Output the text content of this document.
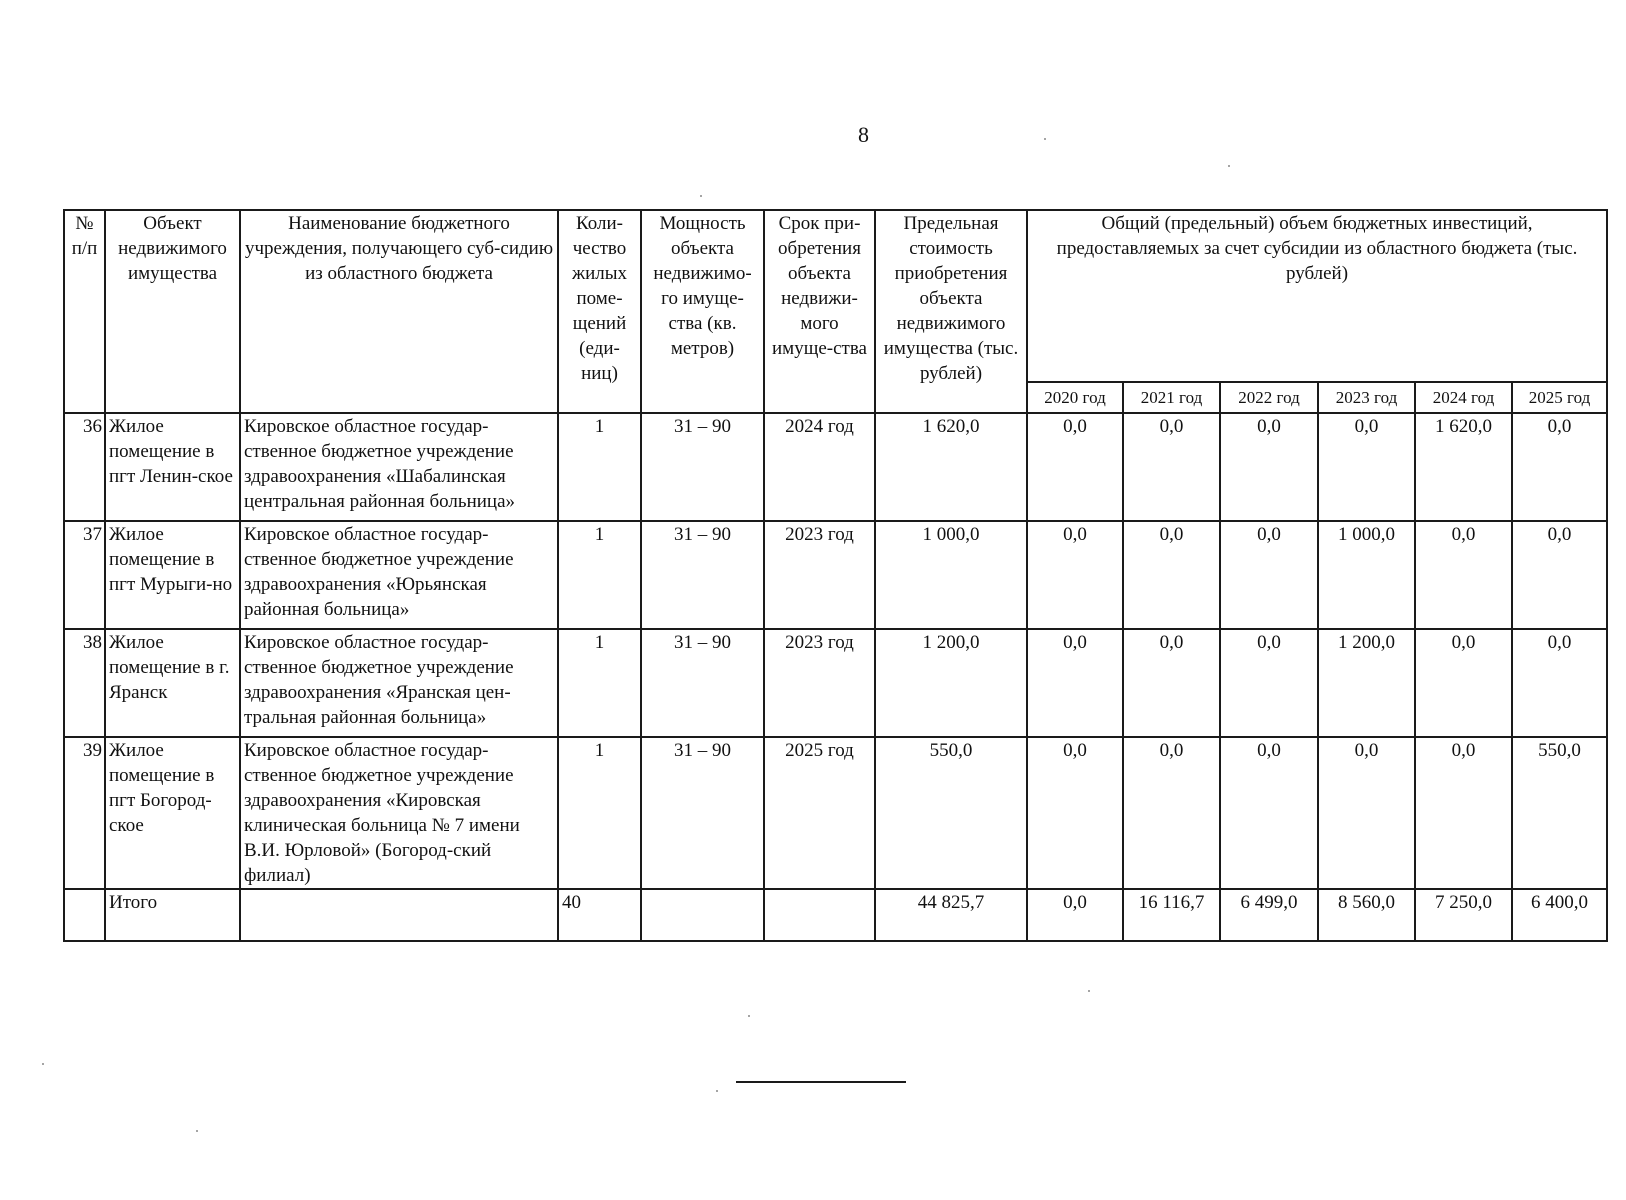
8
№ п/п	Объект недвижимого имущества	Наименование бюджетного учреждения, получающего суб-сидию из областного бюджета	Коли-чество жилых поме-щений (еди-ниц)	Мощность объекта недвижимо-го имуще-ства (кв. метров)	Срок при-обретения объекта недвижи-мого имуще-ства	Предельная стоимость приобретения объекта недвижимого имущества (тыс. рублей)	Общий (предельный) объем бюджетных инвестиций, предоставляемых за счет субсидии из областного бюджета (тыс. рублей)					
							2020 год	2021 год	2022 год	2023 год	2024 год	2025 год
36	Жилое помещение в пгт Ленин-ское	Кировское областное государ-ственное бюджетное учреждение здравоохранения «Шабалинская центральная районная больница»	1	31 – 90	2024 год	1 620,0	0,0	0,0	0,0	0,0	1 620,0	0,0
37	Жилое помещение в пгт Мурыги-но	Кировское областное государ-ственное бюджетное учреждение здравоохранения «Юрьянская районная больница»	1	31 – 90	2023 год	1 000,0	0,0	0,0	0,0	1 000,0	0,0	0,0
38	Жилое помещение в г. Яранск	Кировское областное государ-ственное бюджетное учреждение здравоохранения «Яранская цен-тральная районная больница»	1	31 – 90	2023 год	1 200,0	0,0	0,0	0,0	1 200,0	0,0	0,0
39	Жилое помещение в пгт Богород-ское	Кировское областное государ-ственное бюджетное учреждение здравоохранения «Кировская клиническая больница № 7 имени В.И. Юрловой» (Богород-ский филиал)	1	31 – 90	2025 год	550,0	0,0	0,0	0,0	0,0	0,0	550,0
	Итого		40			44 825,7	0,0	16 116,7	6 499,0	8 560,0	7 250,0	6 400,0
